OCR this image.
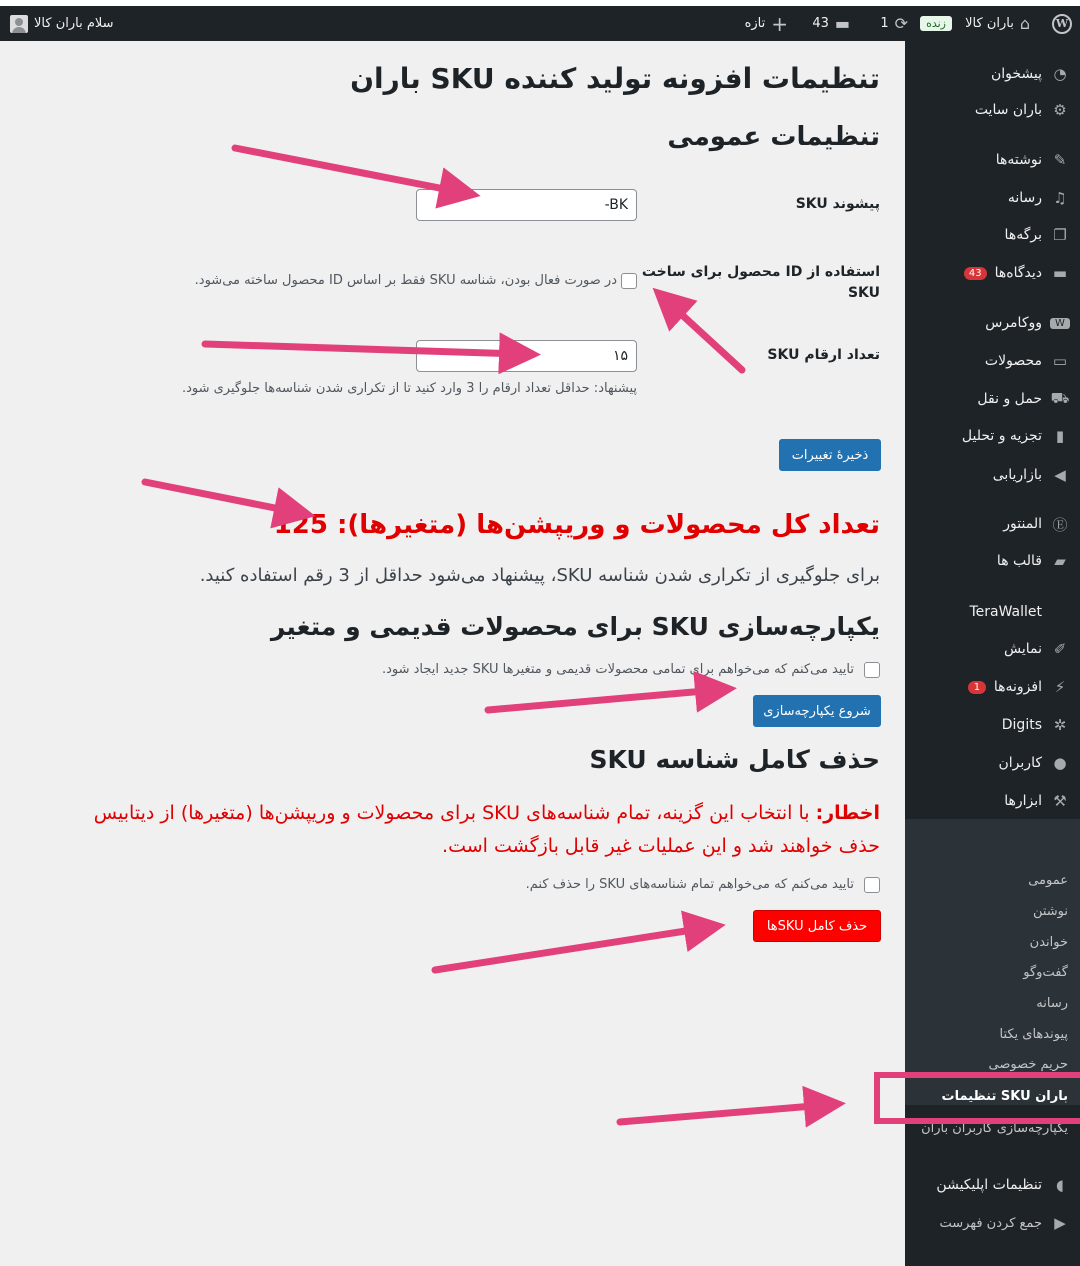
W
باران کالا ⌂
زنده
1 ⟳
43 ▬
تازه +
سلام باران کالا
پیشخوان ◔
باران سایت ⚙
نوشته‌ها ✎
رسانه ♫
برگه‌ها ❐
43 دیدگاه‌ها ▬
ووکامرس	W
محصولات ▭
حمل و نقل ⛟
تجزیه و تحلیل ▮
بازاریابی ◀
المنتور Ⓔ
قالب ها ▰
TeraWallet
نمایش ✐
1 افزونه‌ها ⚡
Digits ✲
کاربران ●
ابزارها ⚒
تنظیمات اپلیکیشن ◖
جمع کردن فهرست ▶
عمومی
نوشتن
خواندن
گفت‌وگو
رسانه
پیوندهای یکتا
حریم خصوصی
تنظیمات SKU باران
یکپارچه‌سازی کاربران باران
تنظیمات افزونه تولید کننده SKU باران
تنظیمات عمومی
پیشوند SKU
-BK
استفاده از ID محصول برای ساخت
SKU
در صورت فعال بودن، شناسه SKU فقط بر اساس ID محصول ساخته می‌شود.
تعداد ارقام SKU
۱۵
پیشنهاد: حداقل تعداد ارقام را 3 وارد کنید تا از تکراری شدن شناسه‌ها جلوگیری شود.
ذخیرهٔ تغییرات
تعداد کل محصولات و وریپشن‌ها (متغیرها): 125
برای جلوگیری از تکراری شدن شناسه SKU، پیشنهاد می‌شود حداقل از 3 رقم استفاده کنید.
یکپارچه‌سازی SKU برای محصولات قدیمی و متغیر
تایید می‌کنم که می‌خواهم برای تمامی محصولات قدیمی و متغیرها SKU جدید ایجاد شود.
شروع یکپارچه‌سازی
حذف کامل شناسه SKU
اخطار: با انتخاب این گزینه، تمام شناسه‌های SKU برای محصولات و وریپشن‌ها (متغیرها) از دیتابیس
حذف خواهند شد و این عملیات غیر قابل بازگشت است.
تایید می‌کنم که می‌خواهم تمام شناسه‌های SKU را حذف کنم.
حذف کامل SKUها
